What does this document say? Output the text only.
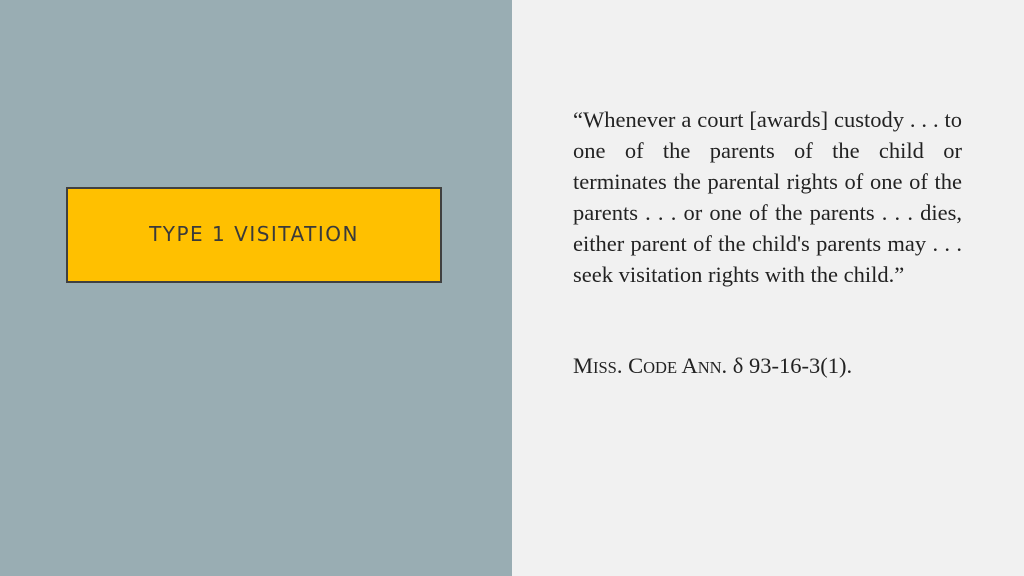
TYPE 1 VISITATION

“Whenever a court [awards] custody . . . to one of the parents of the child or terminates the parental rights of one of the parents . . . or one of the parents . . . dies, either parent of the child's parents may . . . seek visitation rights with the child.”

MISS. CODE ANN. δ 93-16-3(1).
